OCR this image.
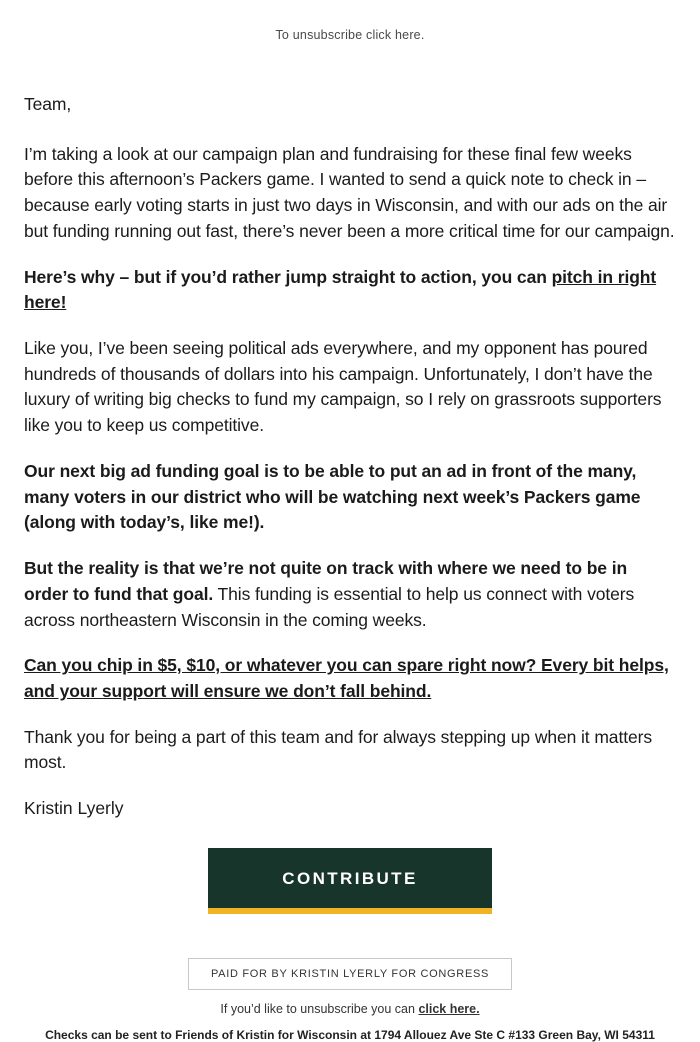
To unsubscribe click here.

Team,

I’m taking a look at our campaign plan and fundraising for these final few weeks before this afternoon’s Packers game. I wanted to send a quick note to check in – because early voting starts in just two days in Wisconsin, and with our ads on the air but funding running out fast, there’s never been a more critical time for our campaign.

Here’s why – but if you’d rather jump straight to action, you can pitch in right here!

Like you, I’ve been seeing political ads everywhere, and my opponent has poured hundreds of thousands of dollars into his campaign. Unfortunately, I don’t have the luxury of writing big checks to fund my campaign, so I rely on grassroots supporters like you to keep us competitive.

Our next big ad funding goal is to be able to put an ad in front of the many, many voters in our district who will be watching next week’s Packers game (along with today’s, like me!).

But the reality is that we’re not quite on track with where we need to be in order to fund that goal. This funding is essential to help us connect with voters across northeastern Wisconsin in the coming weeks.

Can you chip in $5, $10, or whatever you can spare right now? Every bit helps, and your support will ensure we don’t fall behind.

Thank you for being a part of this team and for always stepping up when it matters most.

Kristin Lyerly

CONTRIBUTE
PAID FOR BY KRISTIN LYERLY FOR CONGRESS
If you’d like to unsubscribe you can click here.
Checks can be sent to Friends of Kristin for Wisconsin at 1794 Allouez Ave Ste C #133 Green Bay, WI 54311
